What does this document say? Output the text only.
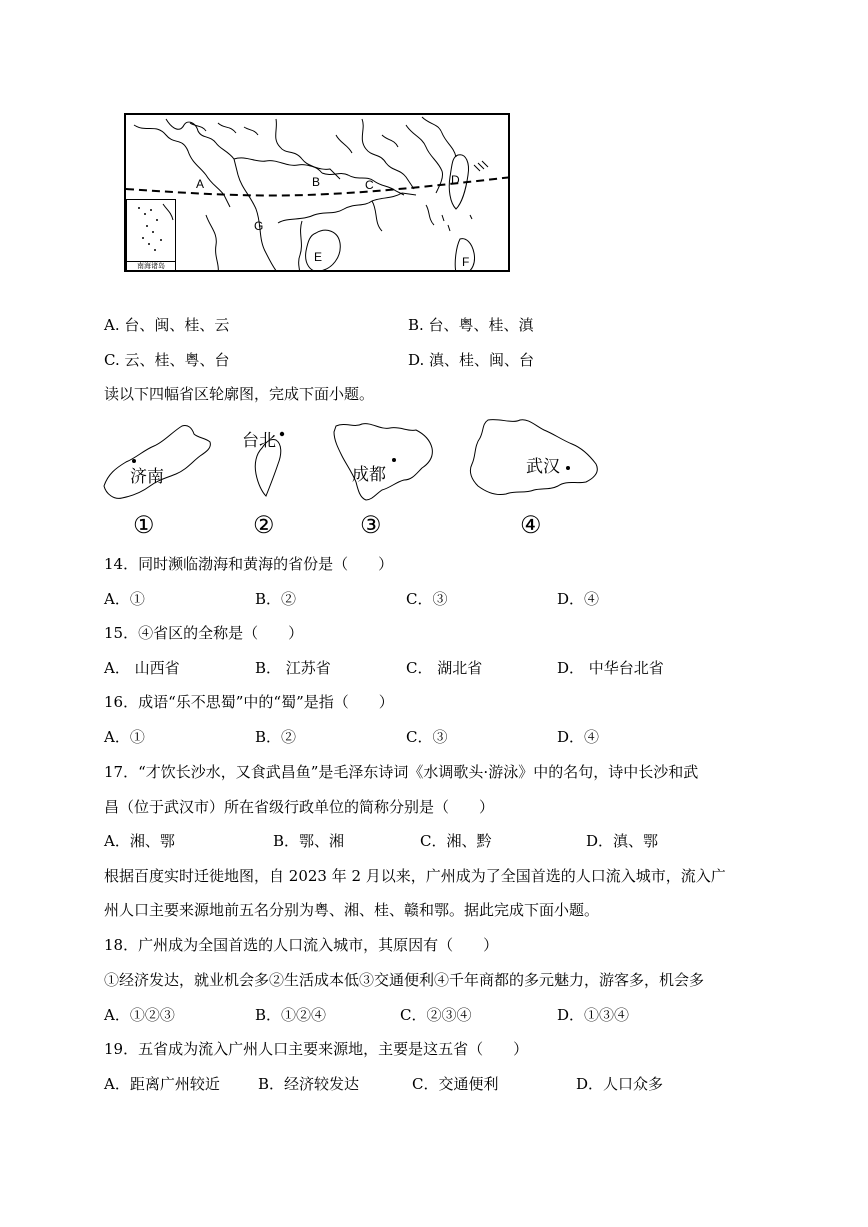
南海诸岛
A	B	C	D
E	F
G
A. 台、闽、桂、云	B. 台、粤、桂、滇
C. 云、桂、粤、台	D. 滇、桂、闽、台
读以下四幅省区轮廓图，完成下面小题。
济南
①
台北
②
成都
③
武汉
④
14．同时濒临渤海和黄海的省份是（　　）
A．①	B．②	C．③	D．④
15．④省区的全称是（　　）
A． 山西省	B． 江苏省	C． 湖北省	D． 中华台北省
16．成语“乐不思蜀”中的“蜀”是指（　　）
A．①	B．②	C．③	D．④
17．“才饮长沙水，又食武昌鱼”是毛泽东诗词《水调歌头·游泳》中的名句，诗中长沙和武
昌（位于武汉市）所在省级行政单位的简称分别是（　　）
A．湘、鄂	B．鄂、湘	C．湘、黔	D．滇、鄂
根据百度实时迁徙地图，自 2023 年 2 月以来，广州成为了全国首选的人口流入城市，流入广
州人口主要来源地前五名分别为粤、湘、桂、赣和鄂。据此完成下面小题。
18．广州成为全国首选的人口流入城市，其原因有（　　）
①经济发达，就业机会多②生活成本低③交通便利④千年商都的多元魅力，游客多，机会多
A．①②③	B．①②④	C．②③④	D．①③④
19．五省成为流入广州人口主要来源地，主要是这五省（　　）
A．距离广州较近	B．经济较发达	C．交通便利	D．人口众多
